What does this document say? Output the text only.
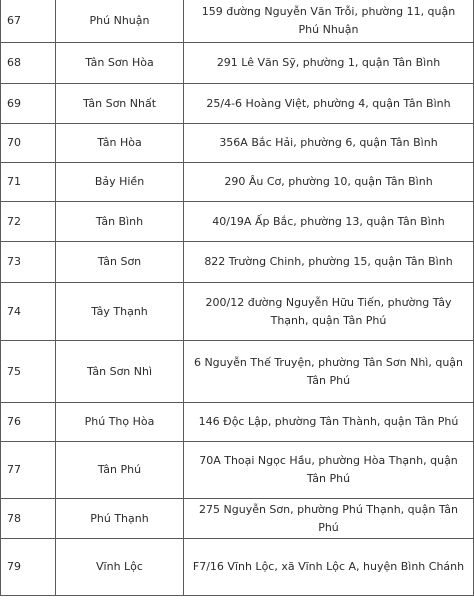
67	Phú Nhuận	159 đường Nguyễn Văn Trỗi, phường 11, quận Phú Nhuận
68	Tân Sơn Hòa	291 Lê Văn Sỹ, phường 1, quận Tân Bình
69	Tân Sơn Nhất	25/4-6 Hoàng Việt, phường 4, quận Tân Bình
70	Tân Hòa	356A Bắc Hải, phường 6, quận Tân Bình
71	Bảy Hiền	290 Âu Cơ, phường 10, quận Tân Bình
72	Tân Bình	40/19A Ấp Bắc, phường 13, quận Tân Bình
73	Tân Sơn	822 Trường Chinh, phường 15, quận Tân Bình
74	Tây Thạnh	200/12 đường Nguyễn Hữu Tiến, phường Tây Thạnh, quận Tân Phú
75	Tân Sơn Nhì	6 Nguyễn Thế Truyện, phường Tân Sơn Nhì, quận Tân Phú
76	Phú Thọ Hòa	146 Độc Lập, phường Tân Thành, quận Tân Phú
77	Tân Phú	70A Thoại Ngọc Hầu, phường Hòa Thạnh, quận Tân Phú
78	Phú Thạnh	275 Nguyễn Sơn, phường Phú Thạnh, quận Tân Phú
79	Vĩnh Lộc	F7/16 Vĩnh Lộc, xã Vĩnh Lộc A, huyện Bình Chánh
